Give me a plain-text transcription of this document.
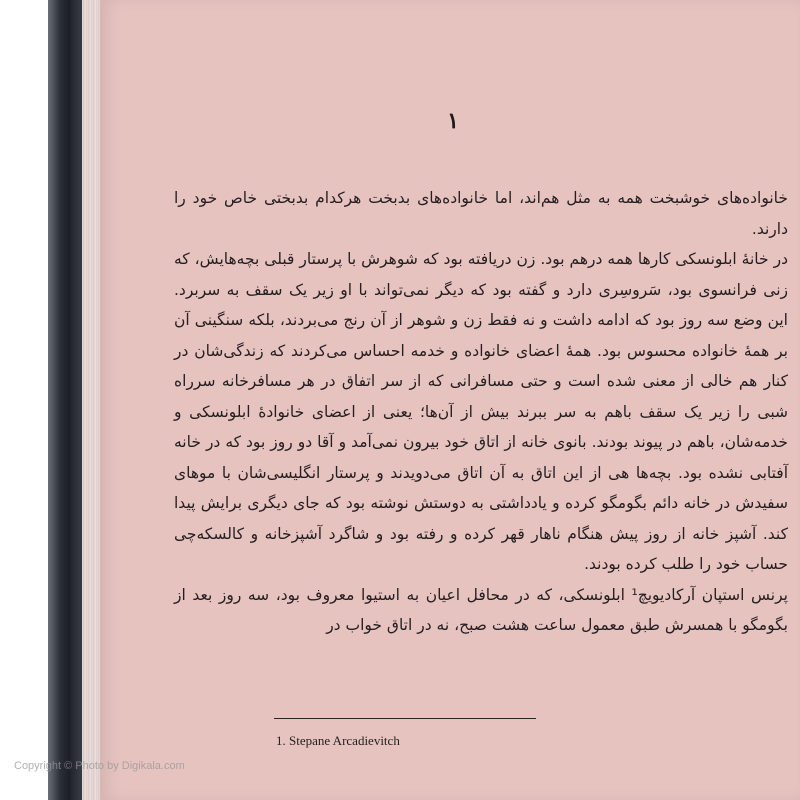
١

خانواده‌های خوشبخت همه به مثل هم‌اند، اما خانواده‌های بدبخت هرکدام بدبختی خاص خود را دارند.

در خانهٔ ابلونسکی کارها همه درهم بود. زن دریافته بود که شوهرش با پرستار قبلی بچه‌هایش، که زنی فرانسوی بود، سَروسِری دارد و گفته بود که دیگر نمی‌تواند با او زیر یک سقف به سربرد. این وضع سه روز بود که ادامه داشت و نه فقط زن و شوهر از آن رنج می‌بردند، بلکه سنگینی آن بر همهٔ خانواده محسوس بود. همهٔ اعضای خانواده و خدمه احساس می‌کردند که زندگی‌شان در کنار هم خالی از معنی شده است و حتی مسافرانی که از سر اتفاق در هر مسافرخانه سرراه شبی را زیر یک سقف باهم به سر ببرند بیش از آن‌ها؛ یعنی از اعضای خانوادهٔ ابلونسکی و خدمه‌شان، باهم در پیوند بودند. بانوی خانه از اتاق خود بیرون نمی‌آمد و آقا دو روز بود که در خانه آفتابی نشده بود. بچه‌ها هی از این اتاق به آن اتاق می‌دویدند و پرستار انگلیسی‌شان با موهای سفیدش در خانه دائم بگومگو کرده و یادداشتی به دوستش نوشته بود که جای دیگری برایش پیدا کند. آشپز خانه از روز پیش هنگام ناهار قهر کرده و رفته بود و شاگرد آشپزخانه و کالسکه‌چی حساب خود را طلب کرده بودند.

پرنس استپان آرکادیویچ¹ ابلونسکی، که در محافل اعیان به استیوا معروف بود، سه روز بعد از بگومگو با همسرش طبق معمول ساعت هشت صبح، نه در اتاق خواب در

1. Stepane Arcadievitch
Copyright © Photo by Digikala.com
